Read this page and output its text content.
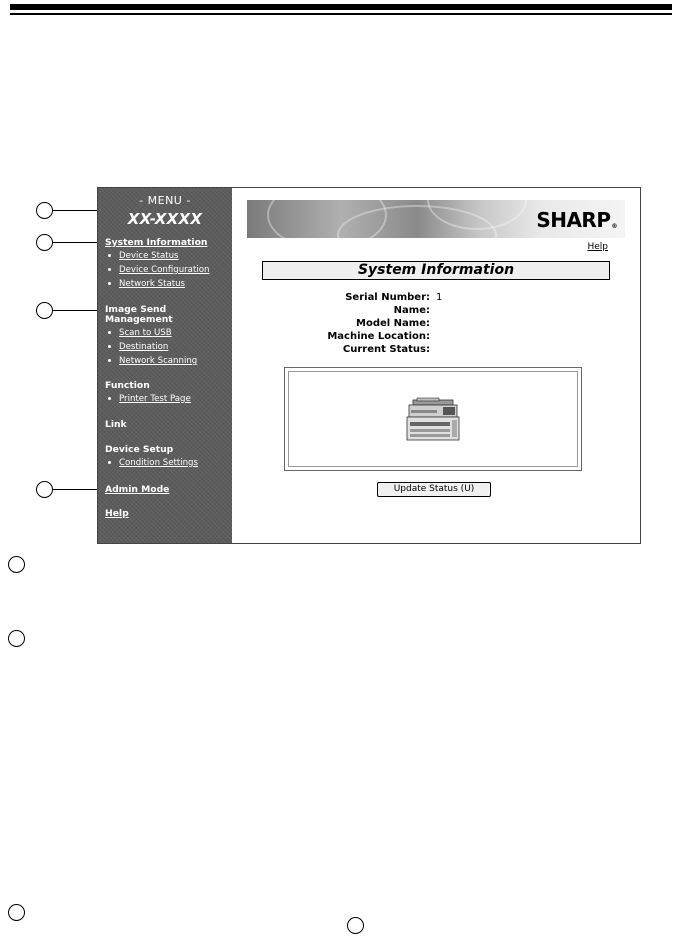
- MENU -
XX-XXXX
System Information
Device Status
Device Configuration
Network Status
Image Send
Management
Scan to USB
Destination
Network Scanning
Function
Printer Test Page
Link
Device Setup
Condition Settings
Admin Mode
Help
SHARP®
Help
System Information
Serial Number: 1
Name:
Model Name:
Machine Location:
Current Status:
Update Status (U)
